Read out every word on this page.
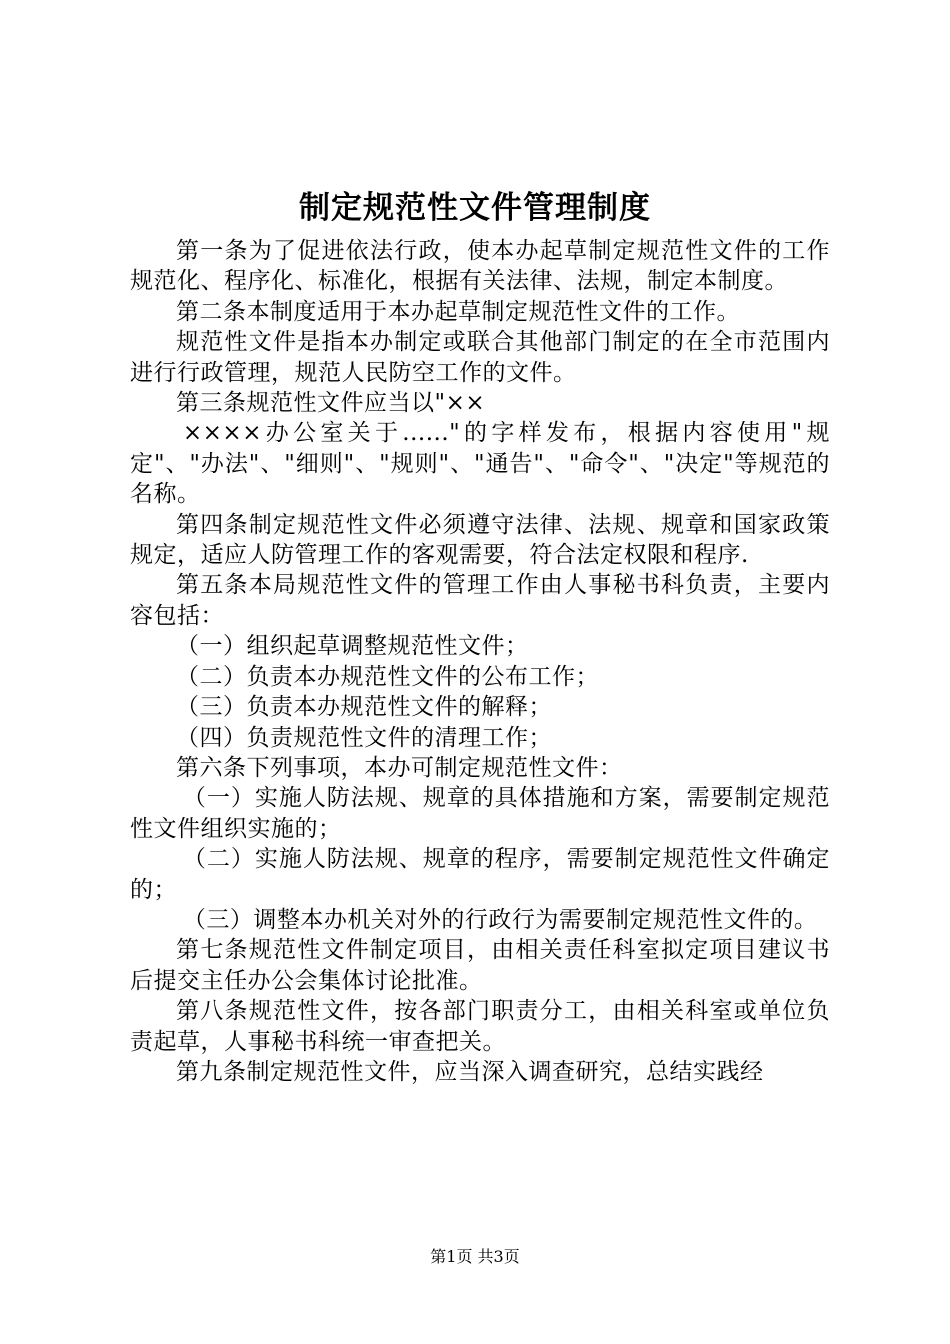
制定规范性文件管理制度

第一条为了促进依法行政，使本办起草制定规范性文件的工作规范化、程序化、标准化，根据有关法律、法规，制定本制度。

第二条本制度适用于本办起草制定规范性文件的工作。

规范性文件是指本办制定或联合其他部门制定的在全市范围内进行行政管理，规范人民防空工作的文件。

第三条规范性文件应当以"××

××××办公室关于......"的字样发布，根据内容使用"规定"、"办法"、"细则"、"规则"、"通告"、"命令"、"决定"等规范的名称。

第四条制定规范性文件必须遵守法律、法规、规章和国家政策规定，适应人防管理工作的客观需要，符合法定权限和程序.

第五条本局规范性文件的管理工作由人事秘书科负责，主要内容包括：

（一）组织起草调整规范性文件；

（二）负责本办规范性文件的公布工作；

（三）负责本办规范性文件的解释；

（四）负责规范性文件的清理工作；

第六条下列事项，本办可制定规范性文件：

（一）实施人防法规、规章的具体措施和方案，需要制定规范性文件组织实施的；

（二）实施人防法规、规章的程序，需要制定规范性文件确定的；

（三）调整本办机关对外的行政行为需要制定规范性文件的。

第七条规范性文件制定项目，由相关责任科室拟定项目建议书后提交主任办公会集体讨论批准。

第八条规范性文件，按各部门职责分工，由相关科室或单位负责起草，人事秘书科统一审查把关。

第九条制定规范性文件，应当深入调查研究，总结实践经

第1页 共3页
